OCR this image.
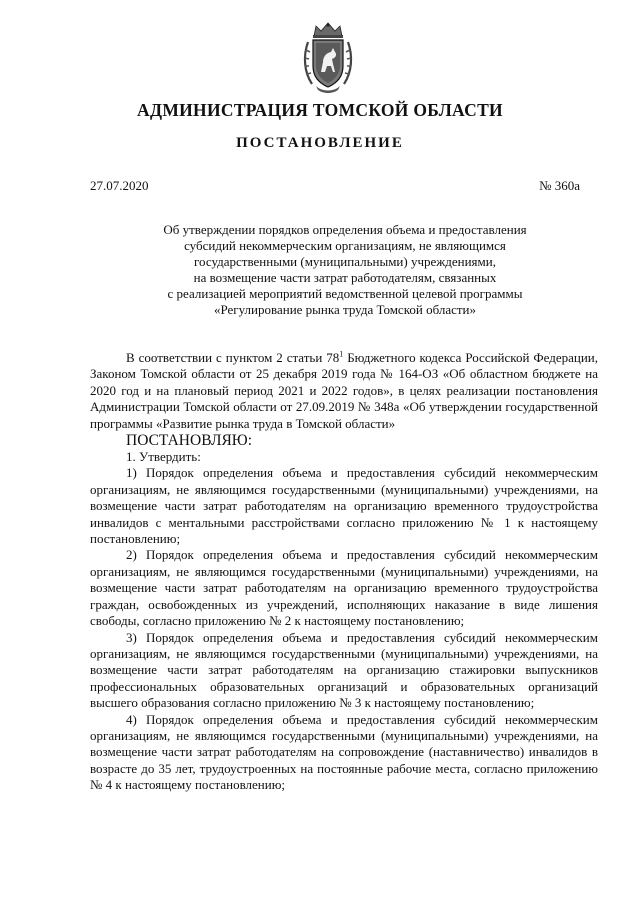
АДМИНИСТРАЦИЯ ТОМСКОЙ ОБЛАСТИ
ПОСТАНОВЛЕНИЕ
27.07.2020	№ 360а
Об утверждении порядков определения объема и предоставления
субсидий некоммерческим организациям, не являющимся
государственными (муниципальными) учреждениями,
на возмещение части затрат работодателям, связанных
с реализацией мероприятий ведомственной целевой программы
«Регулирование рынка труда Томской области»

В соответствии с пунктом 2 статьи $78^1$ Бюджетного кодекса Российской Федерации, Законом Томской области от 25 декабря 2019 года № 164-ОЗ «Об областном бюджете на 2020 год и на плановый период 2021 и 2022 годов», в целях реализации постановления Администрации Томской области от 27.09.2019 № 348а «Об утверждении государственной программы «Развитие рынка труда в Томской области»

ПОСТАНОВЛЯЮ:

1. Утвердить:

1) Порядок определения объема и предоставления субсидий некоммерческим организациям, не являющимся государственными (муниципальными) учреждениями, на возмещение части затрат работодателям на организацию временного трудоустройства инвалидов с ментальными расстройствами согласно приложению № 1 к настоящему постановлению;

2) Порядок определения объема и предоставления субсидий некоммерческим организациям, не являющимся государственными (муниципальными) учреждениями, на возмещение части затрат работодателям на организацию временного трудоустройства граждан, освобожденных из учреждений, исполняющих наказание в виде лишения свободы, согласно приложению № 2 к настоящему постановлению;

3) Порядок определения объема и предоставления субсидий некоммерческим организациям, не являющимся государственными (муниципальными) учреждениями, на возмещение части затрат работодателям на организацию стажировки выпускников профессиональных образовательных организаций и образовательных организаций высшего образования согласно приложению № 3 к настоящему постановлению;

4) Порядок определения объема и предоставления субсидий некоммерческим организациям, не являющимся государственными (муниципальными) учреждениями, на возмещение части затрат работодателям на сопровождение (наставничество) инвалидов в возрасте до 35 лет, трудоустроенных на постоянные рабочие места, согласно приложению № 4 к настоящему постановлению;
